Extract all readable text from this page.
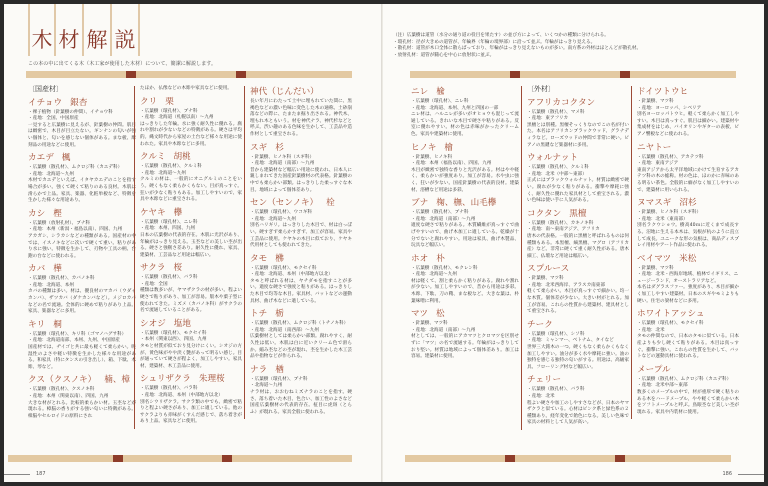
木 材 解 説
この本の中に出てくる木（木工家が使用した木材）について、簡潔に解説します。
〔国産材〕
イチョウ 銀杏
・裸子植物（針葉樹の仲間）、イチョウ科
・産地：全国、中国原産
一見すると広葉樹に見えるが、針葉樹の仲間。肌目は緻密で、木目が目立たない。ギンナンの匂いが強い個体と、匂いを感じない個体がある。まな板、彫刻品の用途などに使用。
カエデ 楓
・広葉樹（散孔材）、ムクロジ科（カエデ科）
・産地：北海道～九州
木材でカエデといえば、イタヤカエデのことを指す場合が多い。強くて硬くて粘りのある良材。木肌は滑らかで上品。家具、楽器、化粧単板など、特徴を生かした様々な用途あり。
カシ 樫
・広葉樹（放射孔材）、ブナ科
・産地：本州（新潟・福島以南）、四国、九州
アカガシ、シラカシなどの種類がある。国産材の中では、イスノキなどに次いで硬くて重い。粘りがあり水に強い。特徴を生かして、刃物や工具の柄、台鉋の台などに使われる。
カバ 樺
・広葉樹（散孔材）、カバノキ科
・産地：北海道、本州
カバの種類は多い。材は、優良材のマカバ（ウダイカンバ）、ザツカバ（ダケカンバなど）。メジロカバなどの名で流通。全体的に硬めで粘りがあり上品。家具、楽器などに多用。
キリ 桐
・広葉樹（環孔材）、キリ科（ゴマノハグサ科）
・産地：北海道南部、本州、九州、中国原産
国産材では、ヂイゴと共に最も軽くて柔らかい。吸湿性のよさや軽い特徴を生かした様々な用途がある。和家具（特にタンスの引き出し）、箱、下駄、木彫、琴など。
クス（クスノキ） 楠、樟
・広葉樹（散孔材）、クスノキ科
・産地：本州（関東以南）、四国、九州
大きな材がとれる。比較的柔らかい材。玉杢などが現れる。樟脳の香りがする強い匂いに特徴がある。樟脳やセルロイドの原料にされ
たほか、仏像などの木彫や家具などに使用。
クリ 栗
・広葉樹（環孔材）、ブナ科
・産地：北海道（札幌以南）～九州
はっきりした年輪。水に強く耐久性に優れる。腐れや割れが少ないなどの特徴がある。硬さは平均的。縄文時代から家屋の土台など様々な用途に使われた。家具や木彫などに多用。
クルミ 胡桃
・広葉樹（散孔材）、クルミ科
・産地：北海道～九州
クルミの材は、一般的にオニグルミのことをいう。硬くもなく柔らかくもない。目が真っすぐ。狂いが少なく粘りもある。加工しやすいので、家具や木彫などに重宝される。
ケヤキ 欅
・広葉樹（環孔材）、ニレ科
・産地：本州、四国、九州
日本の広葉樹の代表的存在。木肌に光沢があり、年輪がはっきり見える。玉杢などの美しい杢が出る。硬さと強靭さ差あり。耐久性に優れ、家具、建築材、工芸品など用途は幅広い。
サクラ 桜
・広葉樹（散孔材）、バラ科
・産地：全国
種類は数多いが、ヤマザクラの材が多い。程よい硬さで粘りがあり、加工が容易。版木や菓子型に使われてきた。ミズメ（カバノキ科）がサクラの名で流通していることがある。
シオジ 塩地
・広葉樹（環孔材）、モクセイ科
・本州（関東以西）、四国、九州
タモと材質が似ており見分けにくい。シオジの方が、黄色味がやや淡く艶があって明るい感じ。目が通っていて硬さが程よく、加工しやすい。家具材、建築材、木工芸品に使用。
シュリザクラ 朱理桜
・広葉樹（散孔材）、バラ科
・産地：北海道、本州（中部地方以北）
別名シウリザクラ。サクラ類の中でも、緻密で粘りと程よい硬さがあり、加工に適している。他のサクラよりも赤味がくすんだ感じで、落ち着きがあり上品。家具などに使用。
神代（じんだい）
長い年月にわたって土中に埋もれていた間に、黒褐色などの濃い色味に変色した木の通称。土砂崩落などの際に、たまたま掘り出される。神代木、埋もれ木ともいう。材を神代ナラ、神代杉などと呼ぶ。渋い趣のある色味を生かして、工芸品や造作材として重宝される。
スギ 杉
・針葉樹、ヒノキ科（スギ科）
・産地：北海道（南部）～九州
昔から建築材など幅広い用途に使われ、日本人に親しまれてきた国産針葉樹材の代表格。針葉樹の中でも柔らかい部類。はっきりした柔っすぐな木目。地域によって個体差あり。
セン（センノキ） 栓
・広葉樹（環孔材）、ウコギ科
・産地：北海道～九州
別名ハリギリ。はっきりした木目で、材は白っぽい。硬すぎず柔らかすぎず、加工が容易。家具や工芸品に使用。ケヤキの木目に似ており、ケヤキ代用材としても使われてきた。
タモ 梻
・広葉樹（環孔材）、モクセイ科
・産地：北海道、本州（中部地方以北）
タモと呼ばれる材は、ヤチダモを指すことが多い。適度な硬さで強度と粘りがある。はっきりした木目で均等な木目。家具材、バットなどの運動具材、曲げ木などに適している。
トチ 栃
・広葉樹（散孔材）、ムクロジ科（トチノキ科）
・産地：北海道（南西部）～九州
広葉樹材としては柔らかい部類。腐れやすく、耐久性は低い。木肌は白に近いクリーム色で滑らか。縮み杢などの杢が現れ、杢を生かした木工芸品や指物などが作られる。
ナラ 楢
・広葉樹（環孔材）、ブナ科
・北海道～九州
ナラ材は、おおむねミズナラのことを指す。硬さ、落ち着いた木目、色合い、加工性のよさなど国産広葉樹材の代表的存在。柾目に虎斑（とらふ）が現れる。家具全般に使われる。
187
（注）広葉樹は道管（水分の通り道の役目を果たす）の並び方によって、いくつかの種類に分けられる。
・環孔材：径が大きめの道管が、年輪界（年輪の境界部）に沿って並ぶ。年輪がはっきり見える。
・散孔材：道管が木口全体に散らばっており、年輪がはっきり見えないものが多い。南方系の外材はほとんどが散孔材。
・放射孔材：道管が髄心を中心に放射状に並ぶ。
ニレ 楡
・広葉樹（環孔材）、ニレ科
・産地：北海道、本州、九州と四国の一部
ニレ材は、ハルニレが多いがオヒョウも混じって流通している。きれいな木目で硬さや粘りがある。反室に優れやすい。材の色は赤味がかったクリーム色。家具や建築材に使用。
ヒノキ 檜
・針葉樹、ヒノキ科
・産地：本州（福島以南）、四国、九州
木目が緻密で独特な香りと光沢がある。材はやや軽く、柔らかいが強度あり。加工が容易。水や虫に強く、狂いが少ない。国産針葉樹の代表的良材。建築材、浴槽など用途は多彩。
ブナ 椈、橅、山毛欅
・広葉樹（散孔材）、ブナ科
・産地：北海道（南部）～九州
適度な硬さで粘りがある。木質繊維が真っすぐで曲げやすいので、曲げ木加工に適している。乾燥が十分でないと腐れやすい。用途は家具、曲げ木製品、玩具など幅広い。
ホオ 朴
・広葉樹（散孔材）、モクレン科
・産地：北海道～九州
材は軽くて、割と柔らかく粘りがある。腐れや割れが少ない。加工しやすいので、昔から用途は多彩。木彫、下駄、刀の鞘、まな板など。大きな葉は、朴葉味噌に利用。
マツ 松
・針葉樹、マツ科
・産地：北海道（南部）～九州
材としては、一般的にアカマツとクロマツを区別せずに「マツ」の名で流通する。年輪がはっきりしており堅い。材質は地域によって個体差あり。加工は容易。建築材に使用。
〔外材〕
アフリカコクタン
・広葉樹（散孔材）、マメ科
・産地：東アフリカ
黒檀とは別種。黒檀そっくりなのでこの名が付いた。本名はアフリカンブラックウッド、グラナディラなど。ローズウッドの仲間で非常に硬い。ピアノの黒鍵など楽器材に多用。
ウォルナット
・広葉樹（散孔材）、クルミ科
・産地：北米（中部～東部）
正式にはブラックウォルナット。材質は緻密で硬い。腐れが少なく粘りがある。衝撃や摩耗に強く、耐久性に優れた家具材として重宝される。濃い色味は使い手に人気がある。
コクタン 黒檀
・広葉樹（散孔材）、カキノキ科
・産地：南～東南アジア、アフリカ
唐木の代表格。一般的に黒檀と呼ばれるものは何種類もある。本黒檀、縞黒檀、マグロ（アフリカ産）など。非常に硬くて重く耐久性がある。唐木細工、仏壇など用途は幅広い。
スプルース
・針葉樹、マツ科
・産地：北米西海岸、アラスカ南東部
軽くて柔らかい。木目が真っすぐで細かい。均一な木質。個体差が少ない。大きい材がとれる。加工が容易。これらの性質から建築材、建具材として重宝される。
チーク
・広葉樹（環孔材）、シソ科
・産地：ミャンマー、ベトナム、タイなど
世界三大銘木の一つ。硬くもなく柔らかくもなく加工しやすい。油分が多く水や摩耗に強い。油の独特を感じる独特の匂いがする。用途は、高級家具、フローリング材など幅広い。
チェリー
・広葉樹（散孔材）、バラ科
・産地：北米
程よい硬さや加工のしやすさなどが、日本のヤマザクラと似ている。心材はピンク系と緑色系の２種類あり。経年変化で飴色になる。美しい色味で家具の材料として人気が高い。
ドイツトウヒ
・針葉樹、マツ科
・産地：ヨーロッパ、シベリア
別名ヨーロッパトウヒ。軽くて柔らかく加工しやすい。木目は真っすぐ。肌目は細かい。建築材や集成材をはじめ、バイオリンやギターの表板、ピアノ響板などに使われる。
ニヤトー
・広葉樹（散孔材）、アカテツ科
・産地：東南アジア
東南アジアから太平洋地域にかけて生育するアカテツ科の木の総称。材の色は、ほのかに赤味のある明るい茶色。全般的に癖がなく加工しやすいので、建築材に用いられる。
ヌマスギ 沼杉
・針葉樹、ヒノキ科（スギ科）
・産地：北米（東南部）
別名ラクウショウ。樹高40ｍに近くまで成長する。沼地に生える本木は、気根が杭のように直立して成長。ユニークな形の気根は、商品ディスプレイ用材やアート作品に使われる。
ベイマツ 米松
・針葉樹、マツ科
・産地：北米・西海岸地域、植林でイギリス、ニュージーランド、オーストラリアなど。
本名はダグラスファー。強度があり、木目が細かく加工しやすい建築材。日本のスギやモミよりも硬い。住宅の梁材などに多用。
ホワイトアッシュ
・広葉樹（環孔材）、モクセイ科
・産地：北米
タモの仲間なので、日本のタモに似ている。日本産よりも少し硬くて粘りがある。木目は真っすぐ。衝撃に強い。これらの性質を生かして、バットなどの運動具材に使われる。
メープル
・広葉樹（散孔材）、ムクロジ科（カエデ科）
・産地：北米中部～東部
数多くのメープルの中で、材が重厚で硬く粘りのある木をハードメープル、やや軽くて柔らかい木をソフトメープルと呼ぶ。鳥眼杢など美しい杢が現れる。家具や内装材に使用。
186
